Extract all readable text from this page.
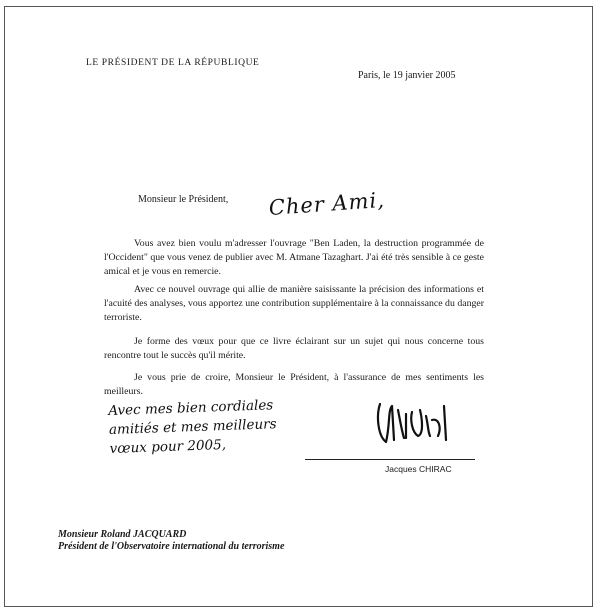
LE PRÉSIDENT DE LA RÉPUBLIQUE
Paris, le 19 janvier 2005
Monsieur le Président, Cher Ami,
Vous avez bien voulu m'adresser l'ouvrage "Ben Laden, la destruction programmée de l'Occident" que vous venez de publier avec M. Atmane Tazaghart. J'ai été très sensible à ce geste amical et je vous en remercie.
Avec ce nouvel ouvrage qui allie de manière saisissante la précision des informations et l'acuité des analyses, vous apportez une contribution supplémentaire à la connaissance du danger terroriste.
Je forme des vœux pour que ce livre éclairant sur un sujet qui nous concerne tous rencontre tout le succès qu'il mérite.
Je vous prie de croire, Monsieur le Président, à l'assurance de mes sentiments les meilleurs.
Avec mes bien cordiales
amitiés et mes meilleurs
vœux pour 2005,
Jacques CHIRAC
Monsieur Roland JACQUARD
Président de l'Observatoire international du terrorisme
